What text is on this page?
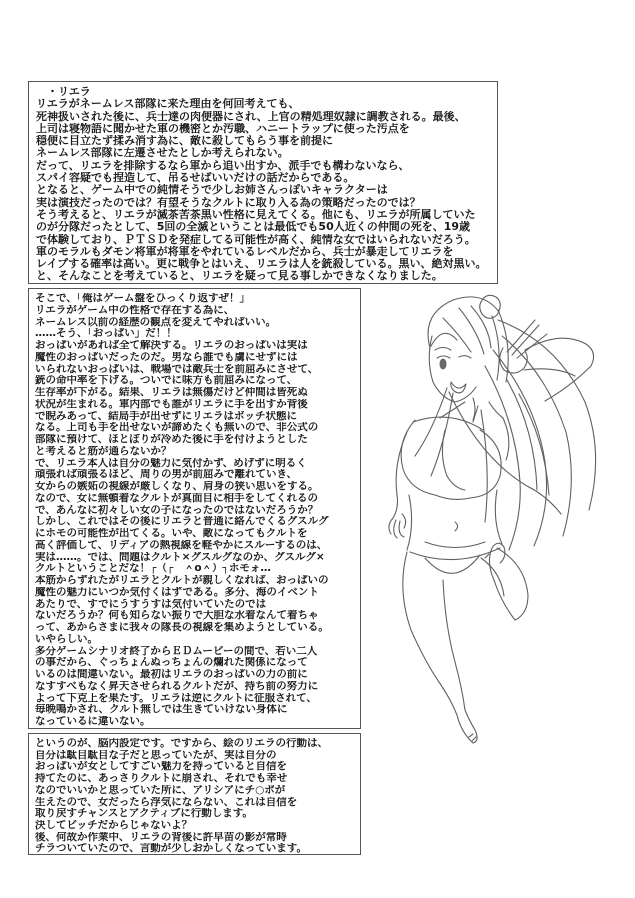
　・リエラ
リエラがネームレス部隊に来た理由を何回考えても、
死神扱いされた後に、兵士達の肉便器にされ、上官の精処理奴隷に調教される。最後、
上司は寝物語に聞かせた軍の機密とか汚職、ハニートラップに使った汚点を
穏便に目立たず揉み消す為に、敵に殺してもらう事を前提に
ネームレス部隊に左遷させたとしか考えられない。
だって、リエラを排除するなら軍から追い出すか、派手でも構わないなら、
スパイ容疑でも捏造して、吊るせばいいだけの話だからである。
となると、ゲーム中での純情そうで少しお姉さんっぽいキャラクターは
実は演技だったのでは？有望そうなクルトに取り入る為の策略だったのでは？
そう考えると、リエラが滅茶苦茶黒い性格に見えてくる。他にも、リエラが所属していた
のが分隊だったとして、5回の全滅ということは最低でも50人近くの仲間の死を、19歳
で体験しており、ＰＴＳＤを発症してる可能性が高く、純情な女ではいられないだろう。
軍のモラルもダモン将軍が将軍をやれているレベルだから、兵士が暴走してリエラを
レイプする確率は高い。更に戦争とはいえ、リエラは人を銃殺している。黒い、絶対黒い。
と、そんなことを考えていると、リエラを疑って見る事しかできなくなりました。
そこで、「俺はゲーム盤をひっくり返すぜ！」
リエラがゲーム中の性格で存在する為に、
ネームレス以前の経歴の観点を変えてやればいい。
……そう、「おっぱい」だ！！
おっぱいがあれば全て解決する。リエラのおっぱいは実は
魔性のおっぱいだったのだ。男なら誰でも虜にせずには
いられないおっぱいは、戦場では敵兵士を前屈みにさせて、
銃の命中率を下げる。ついでに味方も前屈みになって、
生存率が下がる。結果、リエラは無傷だけど仲間は皆死ぬ
状況が生まれる。軍内部でも誰がリエラに手を出すか背後
で睨みあって、結局手が出せずにリエラはボッチ状態に
なる。上司も手を出せないが諦めたくも無いので、非公式の
部隊に預けて、ほとぼりが冷めた後に手を付けようとした
と考えると筋が通らないか？
で、リエラ本人は自分の魅力に気付かず、めげずに明るく
頑張れば頑張るほど、周りの男が前屈みで離れていき、
女からの嫉妬の視線が厳しくなり、肩身の狭い思いをする。
なので、女に無頓着なクルトが真面目に相手をしてくれるの
で、あんなに初々しい女の子になったのではないだろうか？
しかし、これではその後にリエラと普通に絡んでくるグスルグ
にホモの可能性が出てくる。いや、敵になってもクルトを
高く評価して、リディアの熱視線を軽やかにスルーするのは、
実は……。では、問題はクルト×グスルグなのか、グスルグ×
クルトということだな！┌（┌　＾o＾）┐ホモォ…
本筋からずれたがリエラとクルトが親しくなれば、おっぱいの
魔性の魅力にいつか気付くはずである。多分、海のイベント
あたりで、すでにうすうすは気付いていたのでは
ないだろうか？何も知らない振りで大胆な水着なんて着ちゃ
って、あからさまに我々の隊長の視線を集めようとしている。
いやらしい。
多分ゲームシナリオ終了からＥＤムービーの間で、若い二人
の事だから、ぐっちょんぬっちょんの爛れた関係になって
いるのは間違いない。最初はリエラのおっぱいの力の前に
なすすべもなく昇天させられるクルトだが、持ち前の努力に
よって下克上を果たす。リエラは逆にクルトに征服されて、
毎晩鳴かされ、クルト無しでは生きていけない身体に
なっているに違いない。
というのが、脳内設定です。ですから、絵のリエラの行動は、
自分は駄目駄目な子だと思っていたが、実は自分の
おっぱいが女としてすごい魅力を持っていると自信を
持てたのに、あっさりクルトに崩され、それでも幸せ
なのでいいかと思っていた所に、アリシアにチ○ポが
生えたので、女だったら浮気にならない、これは自信を
取り戻すチャンスとアクティブに行動します。
決してビッチだからじゃないよ？
後、何故か作業中、リエラの背後に許早苗の影が常時
チラついていたので、言動が少しおかしくなっています。
